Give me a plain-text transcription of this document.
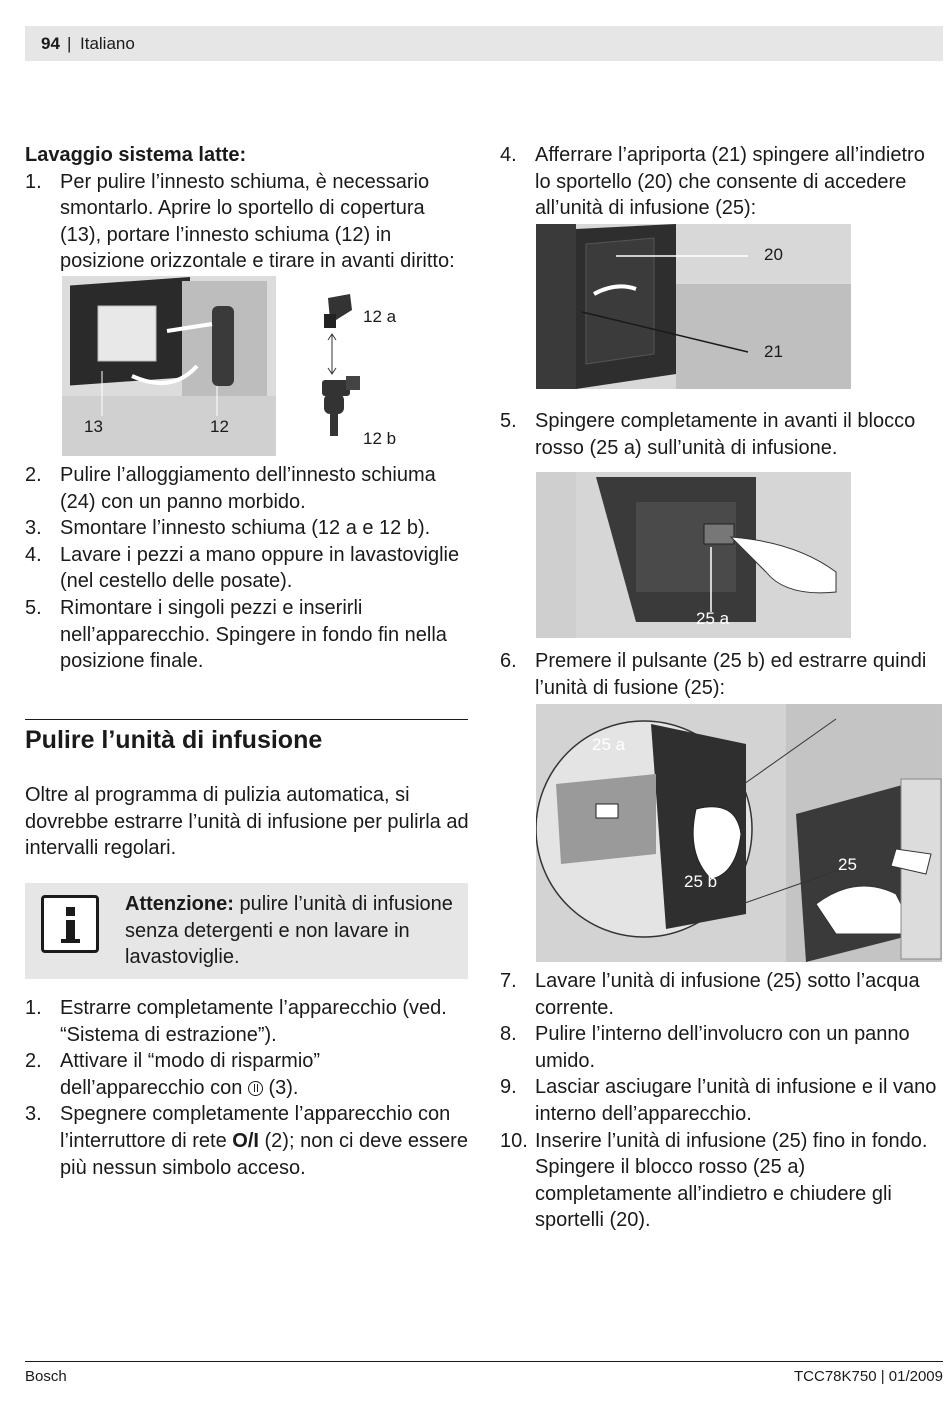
94 | Italiano
Lavaggio sistema latte:
1. Per pulire l’innesto schiuma, è necessario smontarlo. Aprire lo sportello di copertura (13), portare l’innesto schiuma (12) in posizione orizzontale e tirare in avanti diritto:

13	12
12 a
12 b
2. Pulire l’alloggiamento dell’innesto schiuma (24) con un panno morbido.

3. Smontare l’innesto schiuma (12 a e 12 b).

4. Lavare i pezzi a mano oppure in lavastoviglie (nel cestello delle posate).

5. Rimontare i singoli pezzi e inserirli nell’apparecchio. Spingere in fondo fin nella posizione finale.

Pulire l’unità di infusione
Oltre al programma di pulizia automatica, si dovrebbe estrarre l’unità di infusione per pulirla ad intervalli regolari.
Attenzione: pulire l’unità di infusione senza detergenti e non lavare in lavastoviglie.
1. Estrarre completamente l’apparecchio (ved. “Sistema di estrazione”).

2. Attivare il “modo di risparmio” dell’apparecchio con  (3).

3. Spegnere completamente l’apparecchio con l’interruttore di rete O/I (2); non ci deve essere più nessun simbolo acceso.

4. Afferrare l’apriporta (21) spingere all’indietro lo sportello (20) che consente di accedere all’unità di infusione (25):

20
21
5. Spingere completamente in avanti il blocco rosso (25 a) sull’unità di infusione.

25 a
6. Premere il pulsante (25 b) ed estrarre quindi l’unità di fusione (25):

25 a
25 b
25
7. Lavare l’unità di infusione (25) sotto l’acqua corrente.

8. Pulire l’interno dell’involucro con un panno umido.

9. Lasciar asciugare l’unità di infusione e il vano interno dell’apparecchio.

10. Inserire l’unità di infusione (25) fino in fondo. Spingere il blocco rosso (25 a) completamente all’indietro e chiudere gli sportelli (20).

Bosch	TCC78K750 | 01/2009
